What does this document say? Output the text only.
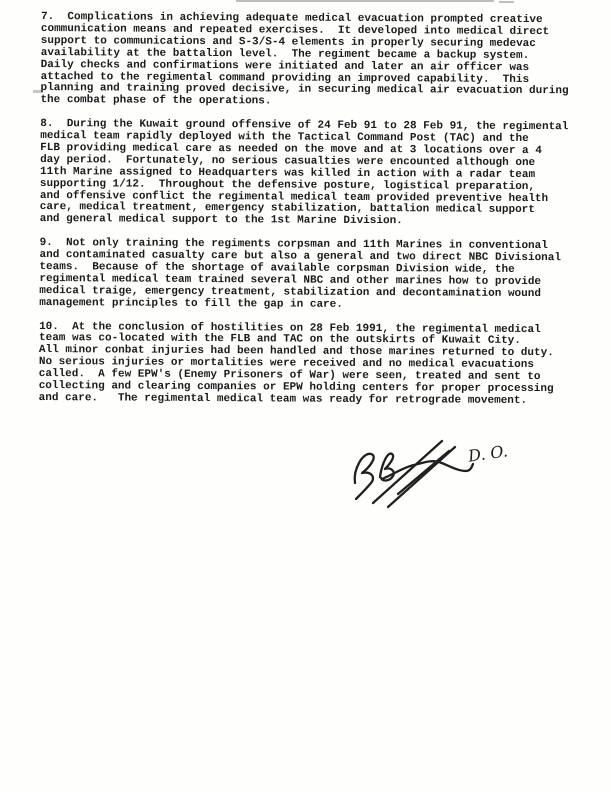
7.  Complications in achieving adequate medical evacuation prompted creative
communication means and repeated exercises.  It developed into medical direct
support to communications and S-3/S-4 elements in properly securing medevac
availability at the battalion level.  The regiment became a backup system.
Daily checks and confirmations were initiated and later an air officer was
attached to the regimental command providing an improved capability.  This
planning and training proved decisive, in securing medical air evacuation during
the combat phase of the operations.
8.  During the Kuwait ground offensive of 24 Feb 91 to 28 Feb 91, the regimental
medical team rapidly deployed with the Tactical Command Post (TAC) and the
FLB providing medical care as needed on the move and at 3 locations over a 4
day period.  Fortunately, no serious casualties were encounted although one
11th Marine assigned to Headquarters was killed in action with a radar team
supporting 1/12.  Throughout the defensive posture, logistical preparation,
and offensive conflict the regimental medical team provided preventive health
care, medical treatment, emergency stabilization, battalion medical support
and general medical support to the 1st Marine Division.
9.  Not only training the regiments corpsman and 11th Marines in conventional
and contaminated casualty care but also a general and two direct NBC Divisional
teams.  Because of the shortage of available corpsman Division wide, the
regimental medical team trained several NBC and other marines how to provide
medical traige, emergency treatment, stabilization and decontamination wound
management principles to fill the gap in care.
10.  At the conclusion of hostilities on 28 Feb 1991, the regimental medical
team was co-located with the FLB and TAC on the outskirts of Kuwait City.
All minor conbat injuries had been handled and those marines returned to duty.
No serious injuries or mortalities were received and no medical evacuations
called.  A few EPW's (Enemy Prisoners of War) were seen, treated and sent to
collecting and clearing companies or EPW holding centers for proper processing
and care.   The regimental medical team was ready for retrograde movement.
D. O.
